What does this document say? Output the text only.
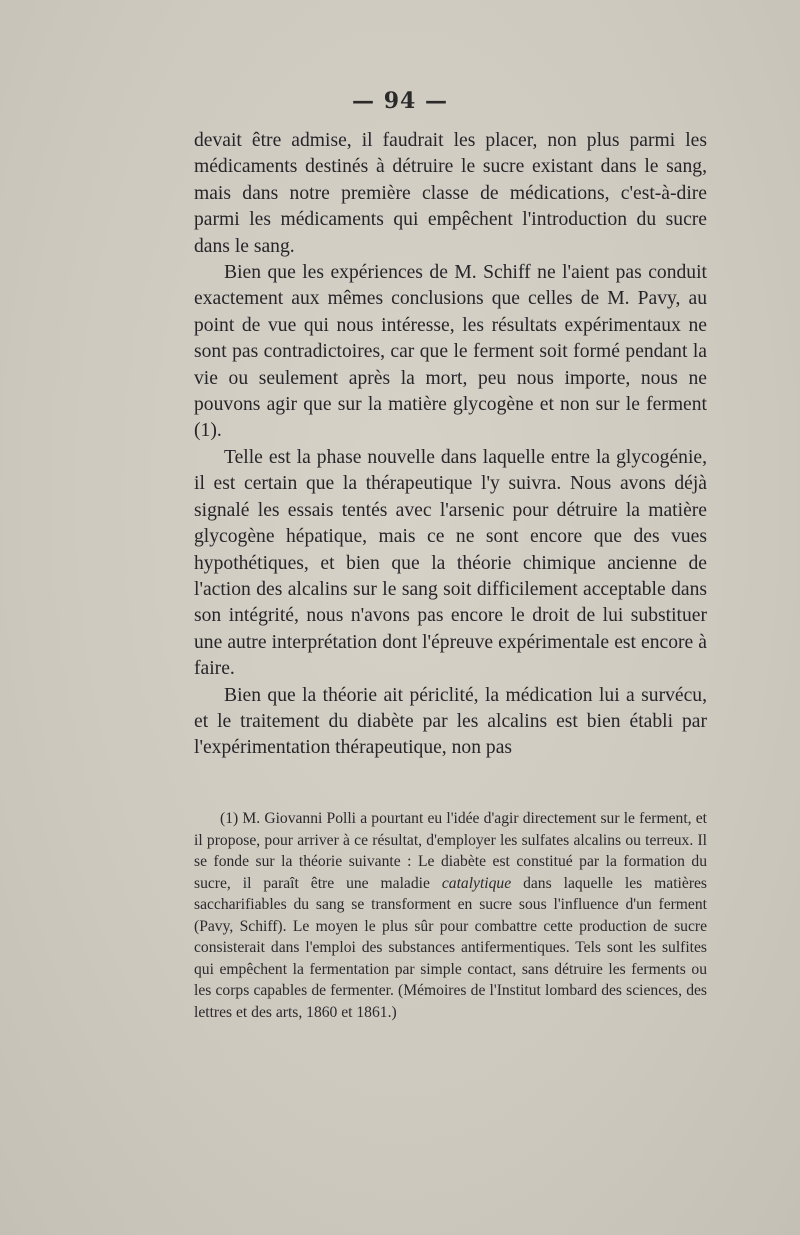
— 94 —

devait être admise, il faudrait les placer, non plus parmi les médicaments destinés à détruire le sucre existant dans le sang, mais dans notre première classe de médications, c'est-à-dire parmi les médicaments qui empêchent l'introduction du sucre dans le sang.

Bien que les expériences de M. Schiff ne l'aient pas conduit exactement aux mêmes conclusions que celles de M. Pavy, au point de vue qui nous intéresse, les résultats expérimentaux ne sont pas contradictoires, car que le ferment soit formé pendant la vie ou seulement après la mort, peu nous importe, nous ne pouvons agir que sur la matière glycogène et non sur le ferment (1).

Telle est la phase nouvelle dans laquelle entre la glycogénie, il est certain que la thérapeutique l'y suivra. Nous avons déjà signalé les essais tentés avec l'arsenic pour détruire la matière glycogène hépatique, mais ce ne sont encore que des vues hypothétiques, et bien que la théorie chimique ancienne de l'action des alcalins sur le sang soit difficilement acceptable dans son intégrité, nous n'avons pas encore le droit de lui substituer une autre interprétation dont l'épreuve expérimentale est encore à faire.

Bien que la théorie ait périclité, la médication lui a survécu, et le traitement du diabète par les alcalins est bien établi par l'expérimentation thérapeutique, non pas

(1) M. Giovanni Polli a pourtant eu l'idée d'agir directement sur le ferment, et il propose, pour arriver à ce résultat, d'employer les sulfates alcalins ou terreux. Il se fonde sur la théorie suivante : Le diabète est constitué par la formation du sucre, il paraît être une maladie catalytique dans laquelle les matières saccharifiables du sang se transforment en sucre sous l'influence d'un ferment (Pavy, Schiff). Le moyen le plus sûr pour combattre cette production de sucre consisterait dans l'emploi des substances antifermentiques. Tels sont les sulfites qui empêchent la fermentation par simple contact, sans détruire les ferments ou les corps capables de fermenter. (Mémoires de l'Institut lombard des sciences, des lettres et des arts, 1860 et 1861.)
